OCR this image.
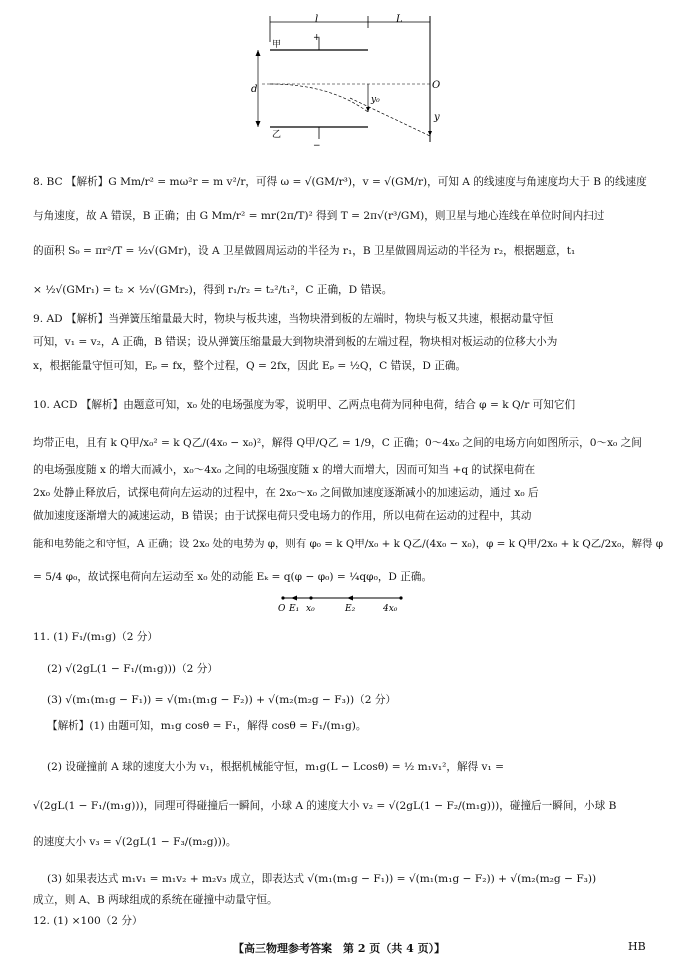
l	L
+
−
甲
乙
d
y₀
O
y
8. BC 【解析】G Mm/r² = mω²r = m v²/r，可得 ω = √(GM/r³)，v = √(GM/r)，可知 A 的线速度与角速度均大于 B 的线速度
与角速度，故 A 错误，B 正确；由 G Mm/r² = mr(2π/T)² 得到 T = 2π√(r³/GM)，则卫星与地心连线在单位时间内扫过
的面积 S₀ = πr²/T = ½√(GMr)，设 A 卫星做圆周运动的半径为 r₁，B 卫星做圆周运动的半径为 r₂，根据题意，t₁
× ½√(GMr₁) = t₂ × ½√(GMr₂)，得到 r₁/r₂ = t₂²/t₁²，C 正确，D 错误。
9. AD 【解析】当弹簧压缩量最大时，物块与板共速，当物块滑到板的左端时，物块与板又共速，根据动量守恒
可知，v₁ = v₂，A 正确，B 错误；设从弹簧压缩量最大到物块滑到板的左端过程，物块相对板运动的位移大小为
x，根据能量守恒可知，Eₚ = fx，整个过程，Q = 2fx，因此 Eₚ = ½Q，C 错误，D 正确。
10. ACD 【解析】由题意可知，x₀ 处的电场强度为零，说明甲、乙两点电荷为同种电荷，结合 φ = k Q/r 可知它们
均带正电，且有 k Q甲/x₀² = k Q乙/(4x₀ − x₀)²，解得 Q甲/Q乙 = 1/9，C 正确；0～4x₀ 之间的电场方向如图所示，0～x₀ 之间
的电场强度随 x 的增大而减小，x₀～4x₀ 之间的电场强度随 x 的增大而增大，因而可知当 +q 的试探电荷在
2x₀ 处静止释放后，试探电荷向左运动的过程中，在 2x₀～x₀ 之间做加速度逐渐减小的加速运动，通过 x₀ 后
做加速度逐渐增大的减速运动，B 错误；由于试探电荷只受电场力的作用，所以电荷在运动的过程中，其动
能和电势能之和守恒，A 正确；设 2x₀ 处的电势为 φ，则有 φ₀ = k Q甲/x₀ + k Q乙/(4x₀ − x₀)，φ = k Q甲/2x₀ + k Q乙/2x₀，解得 φ
= 5/4 φ₀，故试探电荷向左运动至 x₀ 处的动能 Eₖ = q(φ − φ₀) = ¼qφ₀，D 正确。
O E₁ x₀	E₂	4x₀
11. (1) F₁/(m₁g)（2 分）
(2) √(2gL(1 − F₁/(m₁g)))（2 分）
(3) √(m₁(m₁g − F₁)) = √(m₁(m₁g − F₂)) + √(m₂(m₂g − F₃))（2 分）
【解析】(1) 由题可知，m₁g cosθ = F₁，解得 cosθ = F₁/(m₁g)。
(2) 设碰撞前 A 球的速度大小为 v₁，根据机械能守恒，m₁g(L − Lcosθ) = ½ m₁v₁²，解得 v₁ =
√(2gL(1 − F₁/(m₁g)))，同理可得碰撞后一瞬间，小球 A 的速度大小 v₂ = √(2gL(1 − F₂/(m₁g)))，碰撞后一瞬间，小球 B
的速度大小 v₃ = √(2gL(1 − F₃/(m₂g)))。
(3) 如果表达式 m₁v₁ = m₁v₂ + m₂v₃ 成立，即表达式 √(m₁(m₁g − F₁)) = √(m₁(m₁g − F₂)) + √(m₂(m₂g − F₃))
成立，则 A、B 两球组成的系统在碰撞中动量守恒。
12. (1) ×100（2 分）
【高三物理参考答案　第 2 页（共 4 页）】	HB
